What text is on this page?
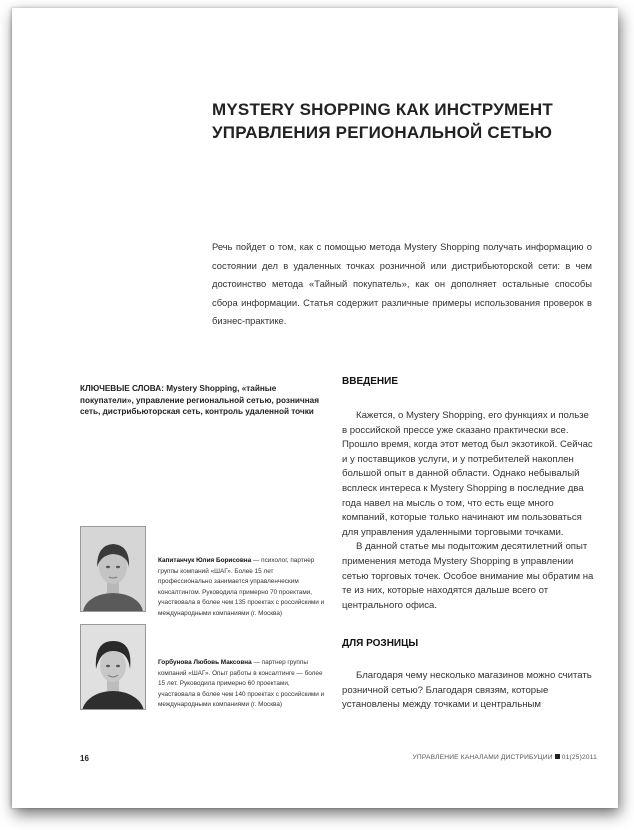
MYSTERY SHOPPING КАК ИНСТРУМЕНТ УПРАВЛЕНИЯ РЕГИОНАЛЬНОЙ СЕТЬЮ
Речь пойдет о том, как с помощью метода Mystery Shopping получать информацию о состоянии дел в удаленных точках розничной или дистрибьюторской сети: в чем достоинство метода «Тайный покупатель», как он дополняет остальные способы сбора информации. Статья содержит различные примеры использования проверок в бизнес-практике.
КЛЮЧЕВЫЕ СЛОВА: Mystery Shopping, «тайные покупатели», управление региональной сетью, розничная сеть, дистрибьюторская сеть, контроль удаленной точки
Капитанчук Юлия Борисовна — психолог, партнер группы компаний «ШАГ». Более 15 лет профессионально занимается управленческим консалтингом. Руководила примерно 70 проектами, участвовала в более чем 135 проектах с российскими и международными компаниями (г. Москва)
Горбунова Любовь Максовна — партнер группы компаний «ШАГ». Опыт работы в консалтинге — более 15 лет. Руководила примерно 60 проектами, участвовала в более чем 140 проектах с российскими и международными компаниями (г. Москва)
ВВЕДЕНИЕ

Кажется, о Mystery Shopping, его функциях и пользе в российской прессе уже сказано практически все. Прошло время, когда этот метод был экзотикой. Сейчас и у поставщиков услуги, и у потребителей накоплен большой опыт в данной области. Однако небывалый всплеск интереса к Mystery Shopping в последние два года навел на мысль о том, что есть еще много компаний, которые только начинают им пользоваться для управления удаленными торговыми точками.

В данной статье мы подытожим десятилетний опыт применения метода Mystery Shopping в управлении сетью торговых точек. Особое внимание мы обратим на те из них, которые находятся дальше всего от центрального офиса.

ДЛЯ РОЗНИЦЫ

Благодаря чему несколько магазинов можно считать розничной сетью? Благодаря связям, которые установлены между точками и центральным

16	УПРАВЛЕНИЕ КАНАЛАМИ ДИСТРИБУЦИИ 01(25)2011
